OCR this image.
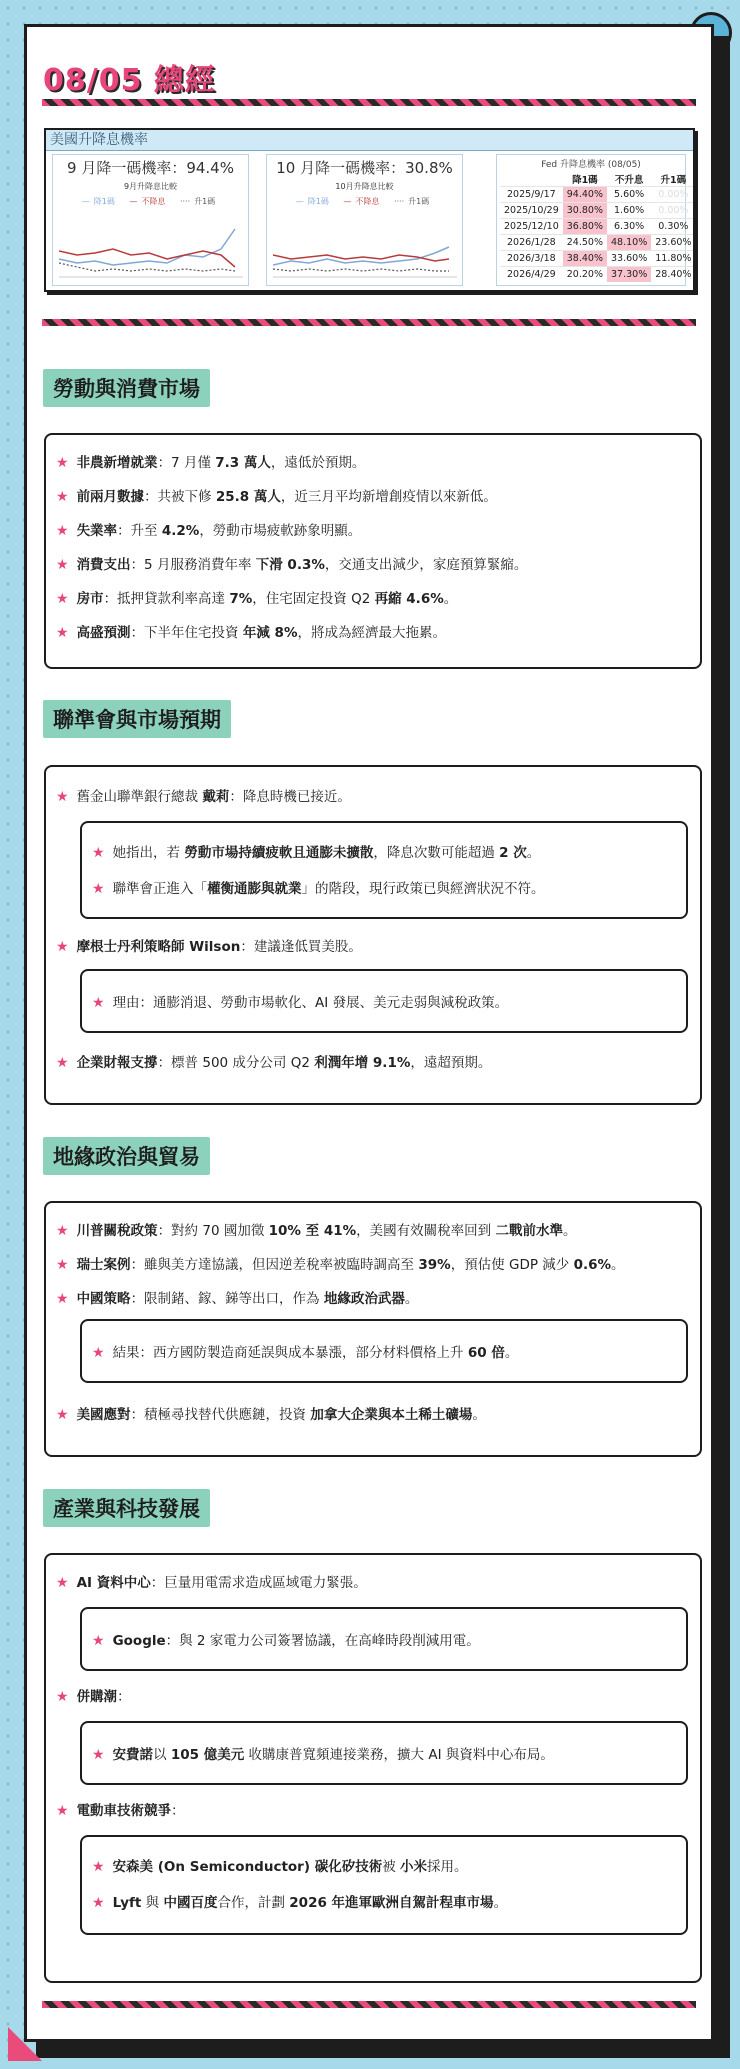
08/05 總經
美國升降息機率
9 月降一碼機率：94.4%
9月升降息比較
— 降1碼 — 不降息 ···· 升1碼
10 月降一碼機率：30.8%
10月升降息比較
— 降1碼 — 不降息 ···· 升1碼
Fed 升降息機率 (08/05)
	降1碼	不升息	升1碼
2025/9/17	94.40%	5.60%	0.00%
2025/10/29	30.80%	1.60%	0.00%
2025/12/10	36.80%	6.30%	0.30%
2026/1/28	24.50%	48.10%	23.60%
2026/3/18	38.40%	33.60%	11.80%
2026/4/29	20.20%	37.30%	28.40%
勞動與消費市場
★ 非農新增就業：7 月僅 7.3 萬人，遠低於預期。
★ 前兩月數據：共被下修 25.8 萬人，近三月平均新增創疫情以來新低。
★ 失業率：升至 4.2%，勞動市場疲軟跡象明顯。
★ 消費支出：5 月服務消費年率 下滑 0.3%，交通支出減少，家庭預算緊縮。
★ 房市：抵押貸款利率高達 7%，住宅固定投資 Q2 再縮 4.6%。
★ 高盛預測：下半年住宅投資 年減 8%，將成為經濟最大拖累。
聯準會與市場預期
★ 舊金山聯準銀行總裁 戴莉：降息時機已接近。
★ 她指出，若 勞動市場持續疲軟且通膨未擴散，降息次數可能超過 2 次。
★ 聯準會正進入「權衡通膨與就業」的階段，現行政策已與經濟狀況不符。
★ 摩根士丹利策略師 Wilson：建議逢低買美股。
★ 理由：通膨消退、勞動市場軟化、AI 發展、美元走弱與減稅政策。
★ 企業財報支撐：標普 500 成分公司 Q2 利潤年增 9.1%，遠超預期。
地緣政治與貿易
★ 川普關稅政策：對約 70 國加徵 10% 至 41%，美國有效關稅率回到 二戰前水準。
★ 瑞士案例：雖與美方達協議，但因逆差稅率被臨時調高至 39%，預估使 GDP 減少 0.6%。
★ 中國策略：限制鍺、鎵、銻等出口，作為 地緣政治武器。
★ 結果：西方國防製造商延誤與成本暴漲，部分材料價格上升 60 倍。
★ 美國應對：積極尋找替代供應鏈，投資 加拿大企業與本土稀土礦場。
產業與科技發展
★ AI 資料中心：巨量用電需求造成區域電力緊張。
★ Google：與 2 家電力公司簽署協議，在高峰時段削減用電。
★ 併購潮：
★ 安費諾以 105 億美元 收購康普寬頻連接業務，擴大 AI 與資料中心布局。
★ 電動車技術競爭：
★ 安森美 (On Semiconductor) 碳化矽技術被 小米採用。
★ Lyft 與 中國百度合作，計劃 2026 年進軍歐洲自駕計程車市場。
